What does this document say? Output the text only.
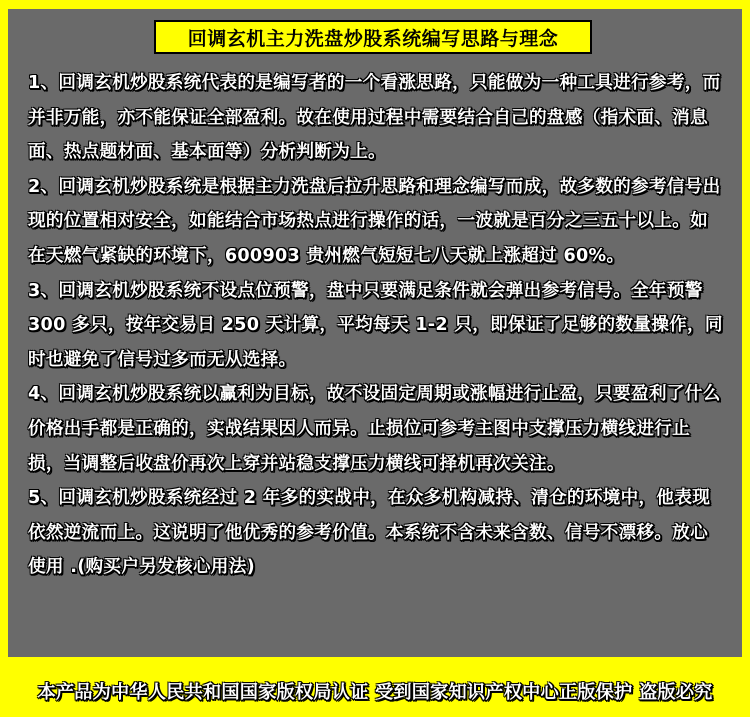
回调玄机主力洗盘炒股系统编写思路与理念

1、回调玄机炒股系统代表的是编写者的一个看涨思路，只能做为一种工具进行参考，而并非万能，亦不能保证全部盈利。故在使用过程中需要结合自己的盘感（指术面、消息面、热点题材面、基本面等）分析判断为上。

2、回调玄机炒股系统是根据主力洗盘后拉升思路和理念编写而成，故多数的参考信号出现的位置相对安全，如能结合市场热点进行操作的话，一波就是百分之三五十以上。如在天燃气紧缺的环境下，600903 贵州燃气短短七八天就上涨超过 60%。

3、回调玄机炒股系统不设点位预警，盘中只要满足条件就会弹出参考信号。全年预警 300 多只，按年交易日 250 天计算，平均每天 1-2 只，即保证了足够的数量操作，同时也避免了信号过多而无从选择。

4、回调玄机炒股系统以赢利为目标，故不设固定周期或涨幅进行止盈，只要盈利了什么价格出手都是正确的，实战结果因人而异。止损位可参考主图中支撑压力横线进行止损，当调整后收盘价再次上穿并站稳支撑压力横线可择机再次关注。

5、回调玄机炒股系统经过 2 年多的实战中，在众多机构减持、清仓的环境中，他表现依然逆流而上。这说明了他优秀的参考价值。本系统不含未来含数、信号不漂移。放心使用 .(购买户另发核心用法)

本产品为中华人民共和国国家版权局认证 受到国家知识产权中心正版保护 盗版必究
